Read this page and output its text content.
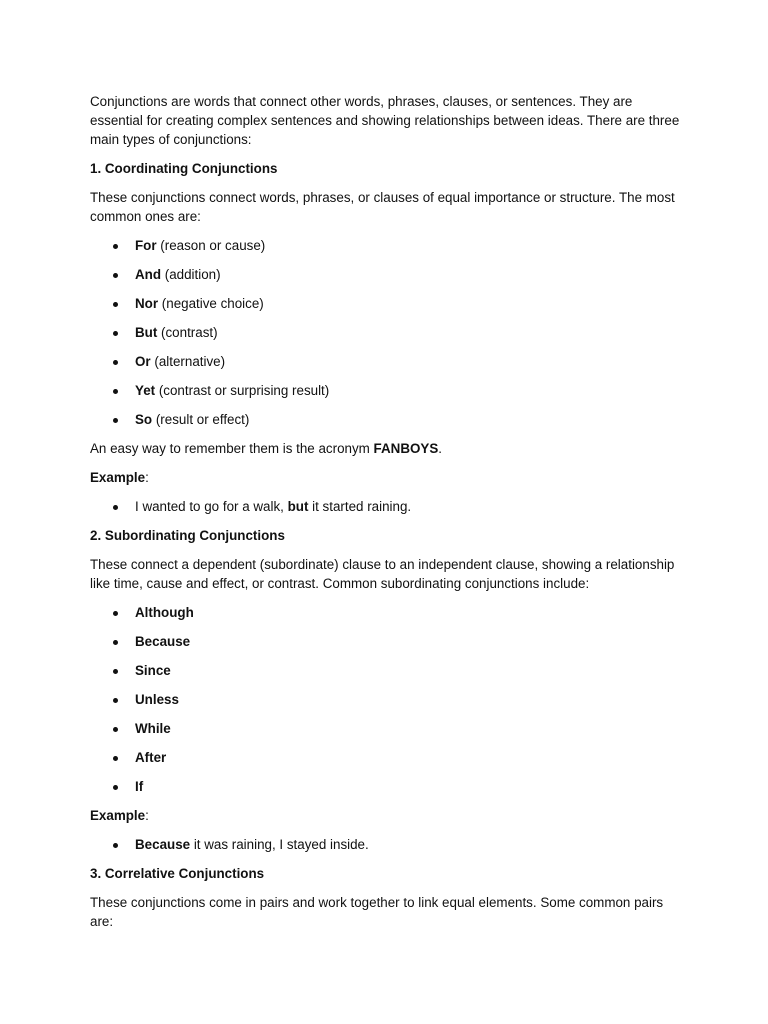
Conjunctions are words that connect other words, phrases, clauses, or sentences. They are essential for creating complex sentences and showing relationships between ideas. There are three main types of conjunctions:

1. Coordinating Conjunctions

These conjunctions connect words, phrases, or clauses of equal importance or structure. The most common ones are:

For (reason or cause)
And (addition)
Nor (negative choice)
But (contrast)
Or (alternative)
Yet (contrast or surprising result)
So (result or effect)

An easy way to remember them is the acronym FANBOYS.

Example:

I wanted to go for a walk, but it started raining.

2. Subordinating Conjunctions

These connect a dependent (subordinate) clause to an independent clause, showing a relationship like time, cause and effect, or contrast. Common subordinating conjunctions include:

Although
Because
Since
Unless
While
After
If

Example:

Because it was raining, I stayed inside.

3. Correlative Conjunctions

These conjunctions come in pairs and work together to link equal elements. Some common pairs are:
